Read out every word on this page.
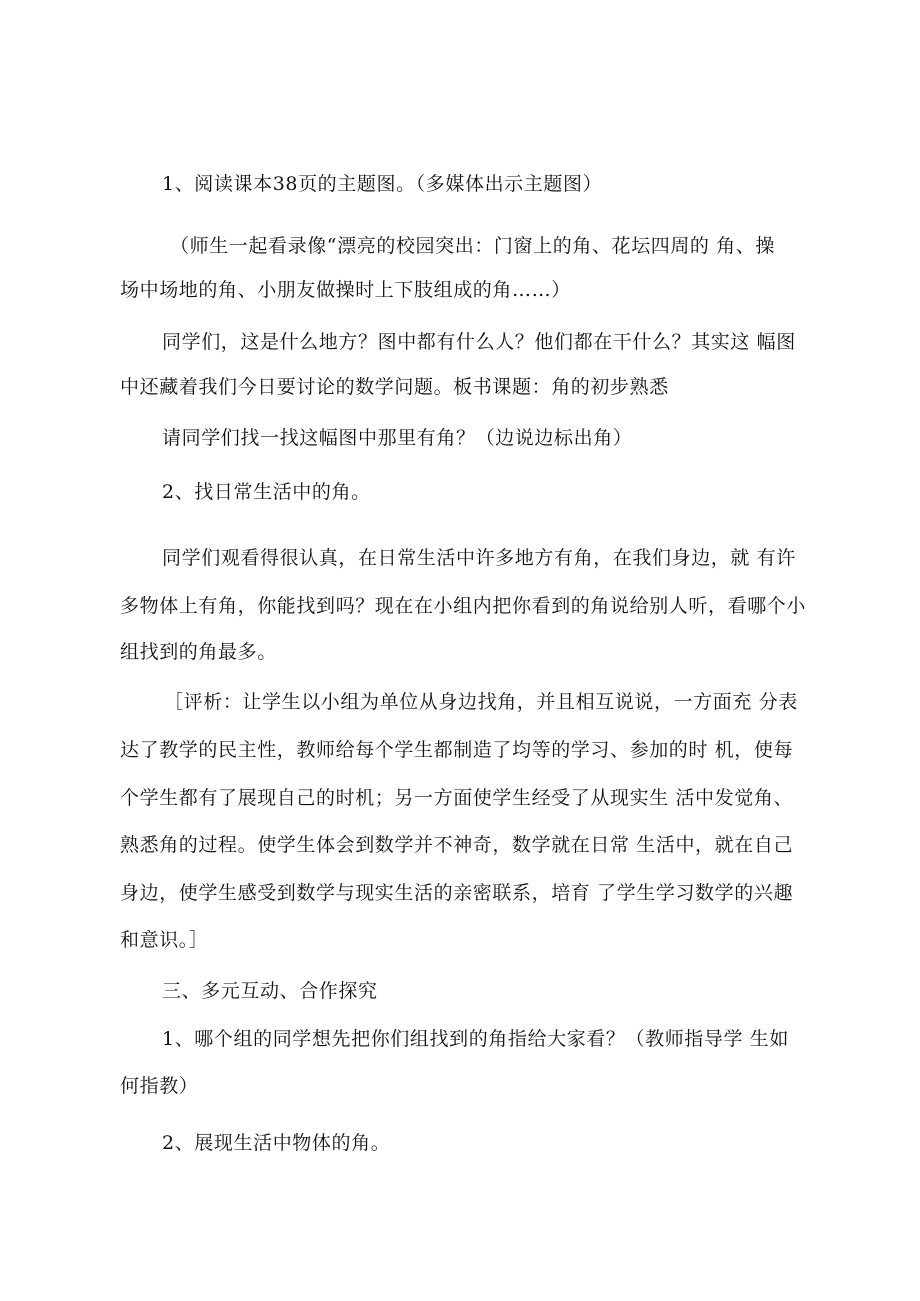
1、阅读课本38页的主题图。（多媒体出示主题图）
（师生一起看录像“漂亮的校园突出：门窗上的角、花坛四周的 角、操
场中场地的角、小朋友做操时上下肢组成的角……）
同学们，这是什么地方？图中都有什么人？他们都在干什么？其实这 幅图
中还藏着我们今日要讨论的数学问题。板书课题：角的初步熟悉
请同学们找一找这幅图中那里有角？（边说边标出角）
2、找日常生活中的角。
同学们观看得很认真，在日常生活中许多地方有角，在我们身边，就 有许
多物体上有角，你能找到吗？现在在小组内把你看到的角说给别人听，看哪个小
组找到的角最多。
［评析：让学生以小组为单位从身边找角，并且相互说说，一方面充 分表
达了教学的民主性，教师给每个学生都制造了均等的学习、参加的时 机，使每
个学生都有了展现自己的时机；另一方面使学生经受了从现实生 活中发觉角、
熟悉角的过程。使学生体会到数学并不神奇，数学就在日常 生活中，就在自己
身边，使学生感受到数学与现实生活的亲密联系，培育 了学生学习数学的兴趣
和意识。］
三、多元互动、合作探究
1、哪个组的同学想先把你们组找到的角指给大家看？（教师指导学 生如
何指教）
2、展现生活中物体的角。
